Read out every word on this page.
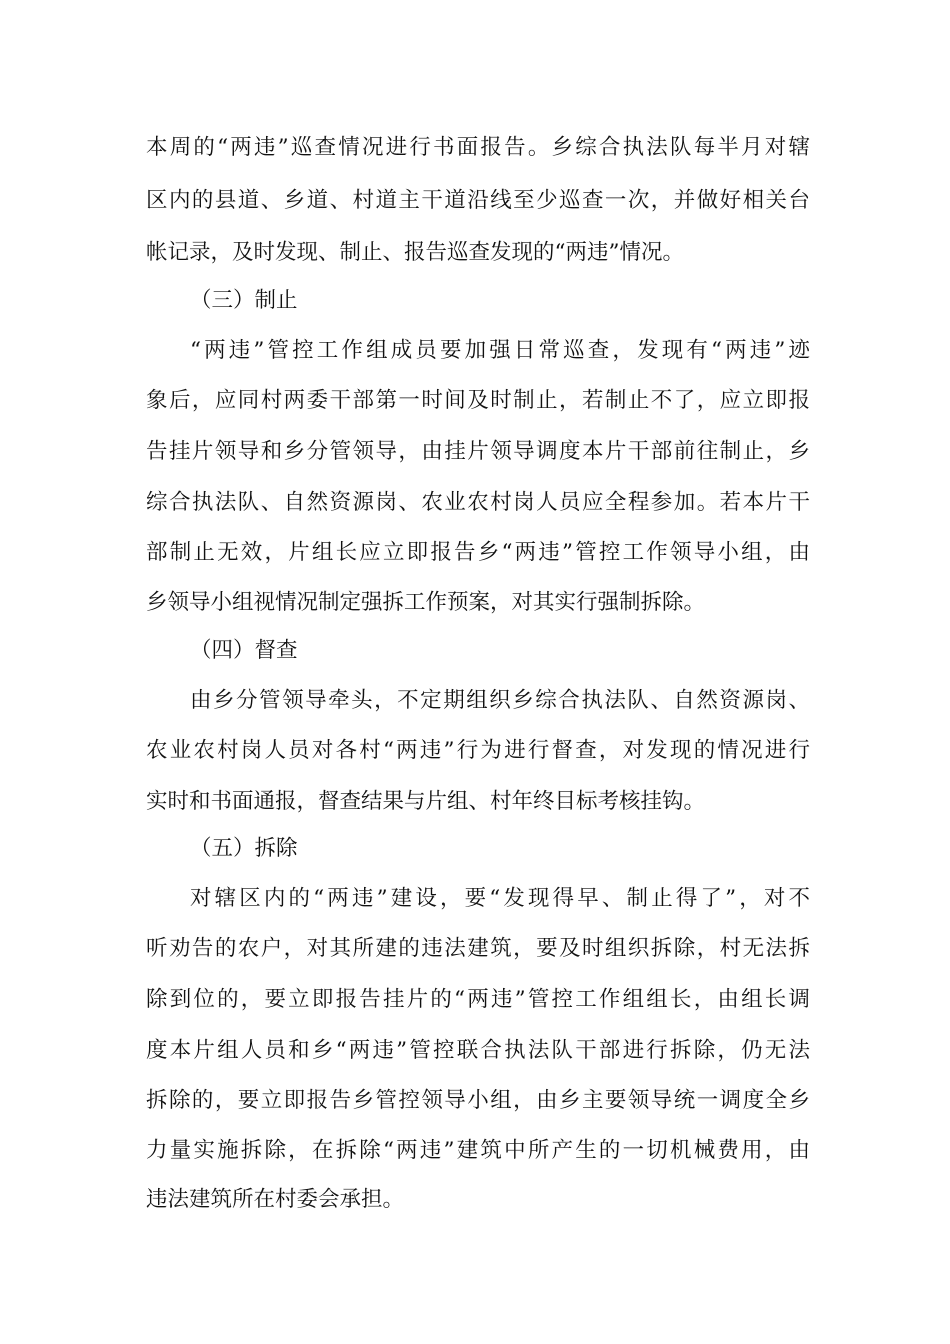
本周的“两违”巡查情况进行书面报告。乡综合执法队每半月对辖
区内的县道、乡道、村道主干道沿线至少巡查一次，并做好相关台
帐记录，及时发现、制止、报告巡查发现的“两违”情况。
（三）制止
“两违”管控工作组成员要加强日常巡查，发现有“两违”迹
象后，应同村两委干部第一时间及时制止，若制止不了，应立即报
告挂片领导和乡分管领导，由挂片领导调度本片干部前往制止，乡
综合执法队、自然资源岗、农业农村岗人员应全程参加。若本片干
部制止无效，片组长应立即报告乡“两违”管控工作领导小组，由
乡领导小组视情况制定强拆工作预案，对其实行强制拆除。
（四）督查
由乡分管领导牵头，不定期组织乡综合执法队、自然资源岗、
农业农村岗人员对各村“两违”行为进行督查，对发现的情况进行
实时和书面通报，督查结果与片组、村年终目标考核挂钩。
（五）拆除
对辖区内的“两违”建设，要“发现得早、制止得了”，对不
听劝告的农户，对其所建的违法建筑，要及时组织拆除，村无法拆
除到位的，要立即报告挂片的“两违”管控工作组组长，由组长调
度本片组人员和乡“两违”管控联合执法队干部进行拆除，仍无法
拆除的，要立即报告乡管控领导小组，由乡主要领导统一调度全乡
力量实施拆除，在拆除“两违”建筑中所产生的一切机械费用，由
违法建筑所在村委会承担。
